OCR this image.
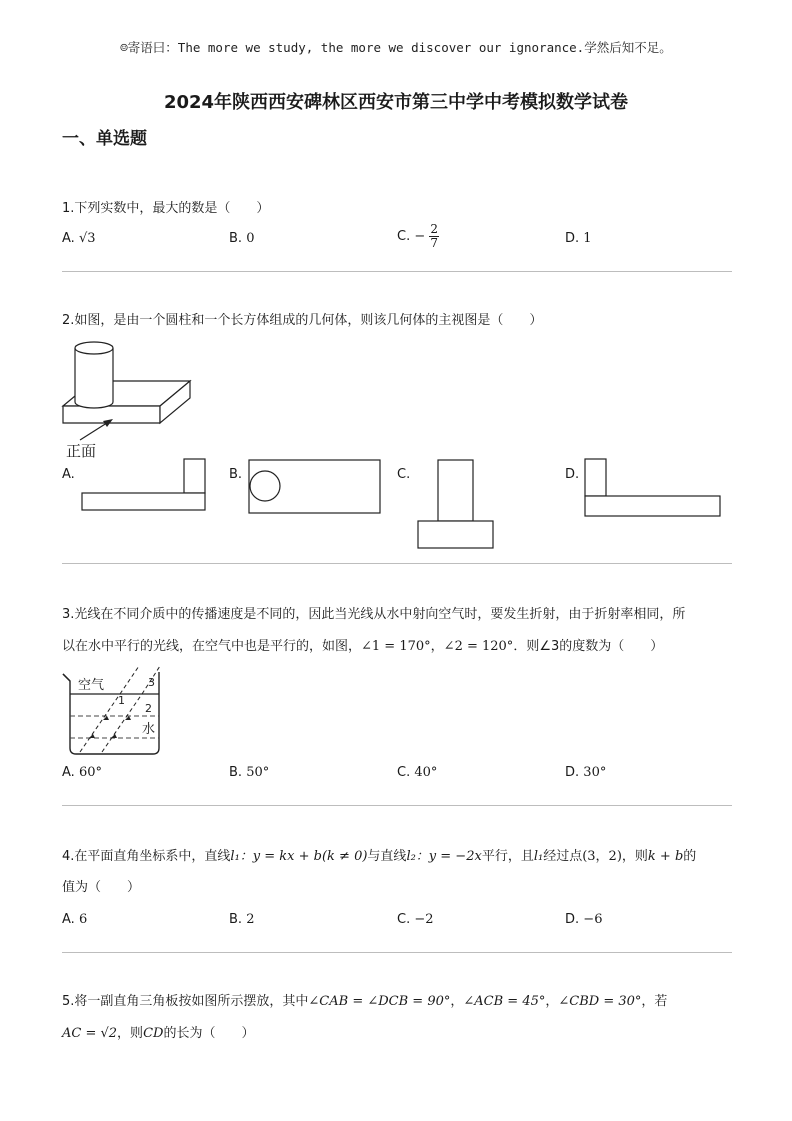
☺寄语曰：The more we study, the more we discover our ignorance.学然后知不足。
2024年陕西西安碑林区西安市第三中学中考模拟数学试卷
一、单选题
1.下列实数中，最大的数是（　　）
A. √3	B. 0	C. − $\frac{2}{7}$	D. 1
2.如图，是由一个圆柱和一个长方体组成的几何体，则该几何体的主视图是（　　）
正面
A.	B.	C.	D.
3.光线在不同介质中的传播速度是不同的，因此当光线从水中射向空气时，要发生折射，由于折射率相同，所
以在水中平行的光线，在空气中也是平行的，如图，∠1 = 170°，∠2 = 120°．则∠3的度数为（　　）
空气
水
1
2
3
A. 60°	B. 50°	C. 40°	D. 30°
4.在平面直角坐标系中，直线l₁：y = kx + b(k ≠ 0)与直线l₂：y = −2x平行，且l₁经过点(3，2)，则k + b的
值为（　　）
A. 6	B. 2	C. −2	D. −6
5.将一副直角三角板按如图所示摆放，其中∠CAB = ∠DCB = 90°，∠ACB = 45°，∠CBD = 30°，若
AC = √2，则CD的长为（　　）
